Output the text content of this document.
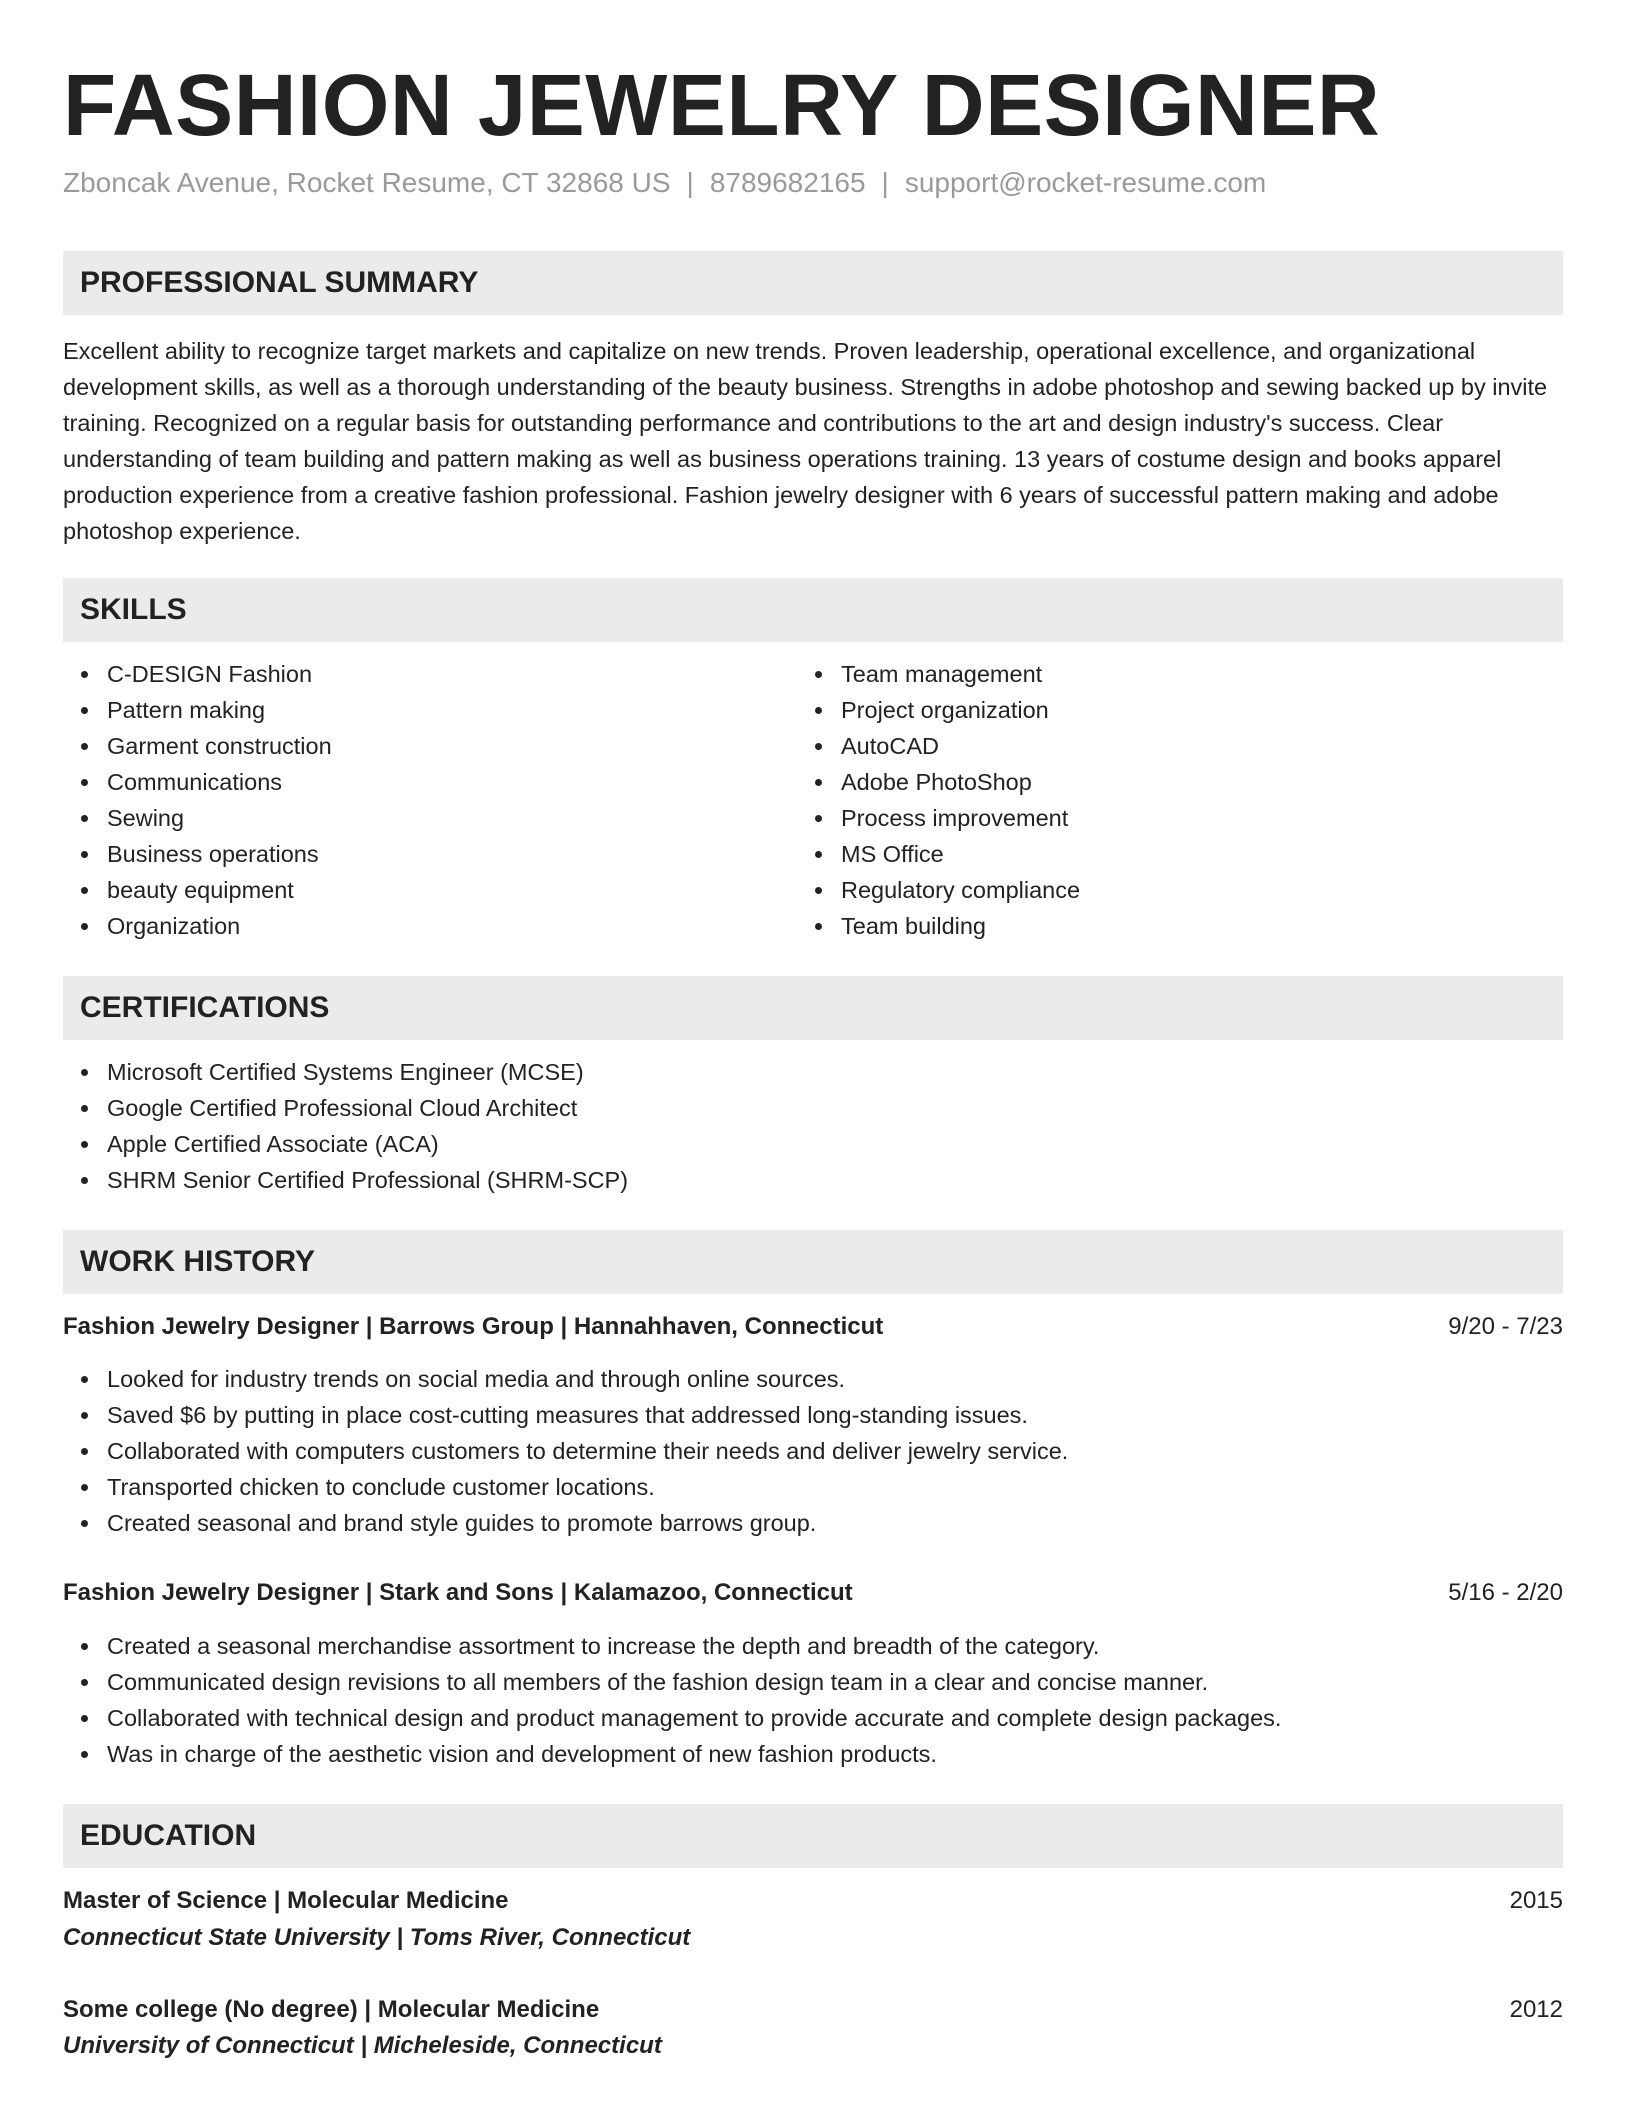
FASHION JEWELRY DESIGNER
Zboncak Avenue, Rocket Resume, CT 32868 US | 8789682165 | support@rocket-resume.com
PROFESSIONAL SUMMARY

Excellent ability to recognize target markets and capitalize on new trends. Proven leadership, operational excellence, and organizational development skills, as well as a thorough understanding of the beauty business. Strengths in adobe photoshop and sewing backed up by invite training. Recognized on a regular basis for outstanding performance and contributions to the art and design industry's success. Clear understanding of team building and pattern making as well as business operations training. 13 years of costume design and books apparel production experience from a creative fashion professional. Fashion jewelry designer with 6 years of successful pattern making and adobe photoshop experience.

SKILLS
C-DESIGN Fashion
Pattern making
Garment construction
Communications
Sewing
Business operations
beauty equipment
Organization
Team management
Project organization
AutoCAD
Adobe PhotoShop
Process improvement
MS Office
Regulatory compliance
Team building
CERTIFICATIONS
Microsoft Certified Systems Engineer (MCSE)
Google Certified Professional Cloud Architect
Apple Certified Associate (ACA)
SHRM Senior Certified Professional (SHRM-SCP)
WORK HISTORY
Fashion Jewelry Designer | Barrows Group | Hannahhaven, Connecticut	9/20 - 7/23
Looked for industry trends on social media and through online sources.
Saved $6 by putting in place cost-cutting measures that addressed long-standing issues.
Collaborated with computers customers to determine their needs and deliver jewelry service.
Transported chicken to conclude customer locations.
Created seasonal and brand style guides to promote barrows group.
Fashion Jewelry Designer | Stark and Sons | Kalamazoo, Connecticut	5/16 - 2/20
Created a seasonal merchandise assortment to increase the depth and breadth of the category.
Communicated design revisions to all members of the fashion design team in a clear and concise manner.
Collaborated with technical design and product management to provide accurate and complete design packages.
Was in charge of the aesthetic vision and development of new fashion products.
EDUCATION
Master of Science | Molecular Medicine	2015
Connecticut State University | Toms River, Connecticut
Some college (No degree) | Molecular Medicine	2012
University of Connecticut | Micheleside, Connecticut
